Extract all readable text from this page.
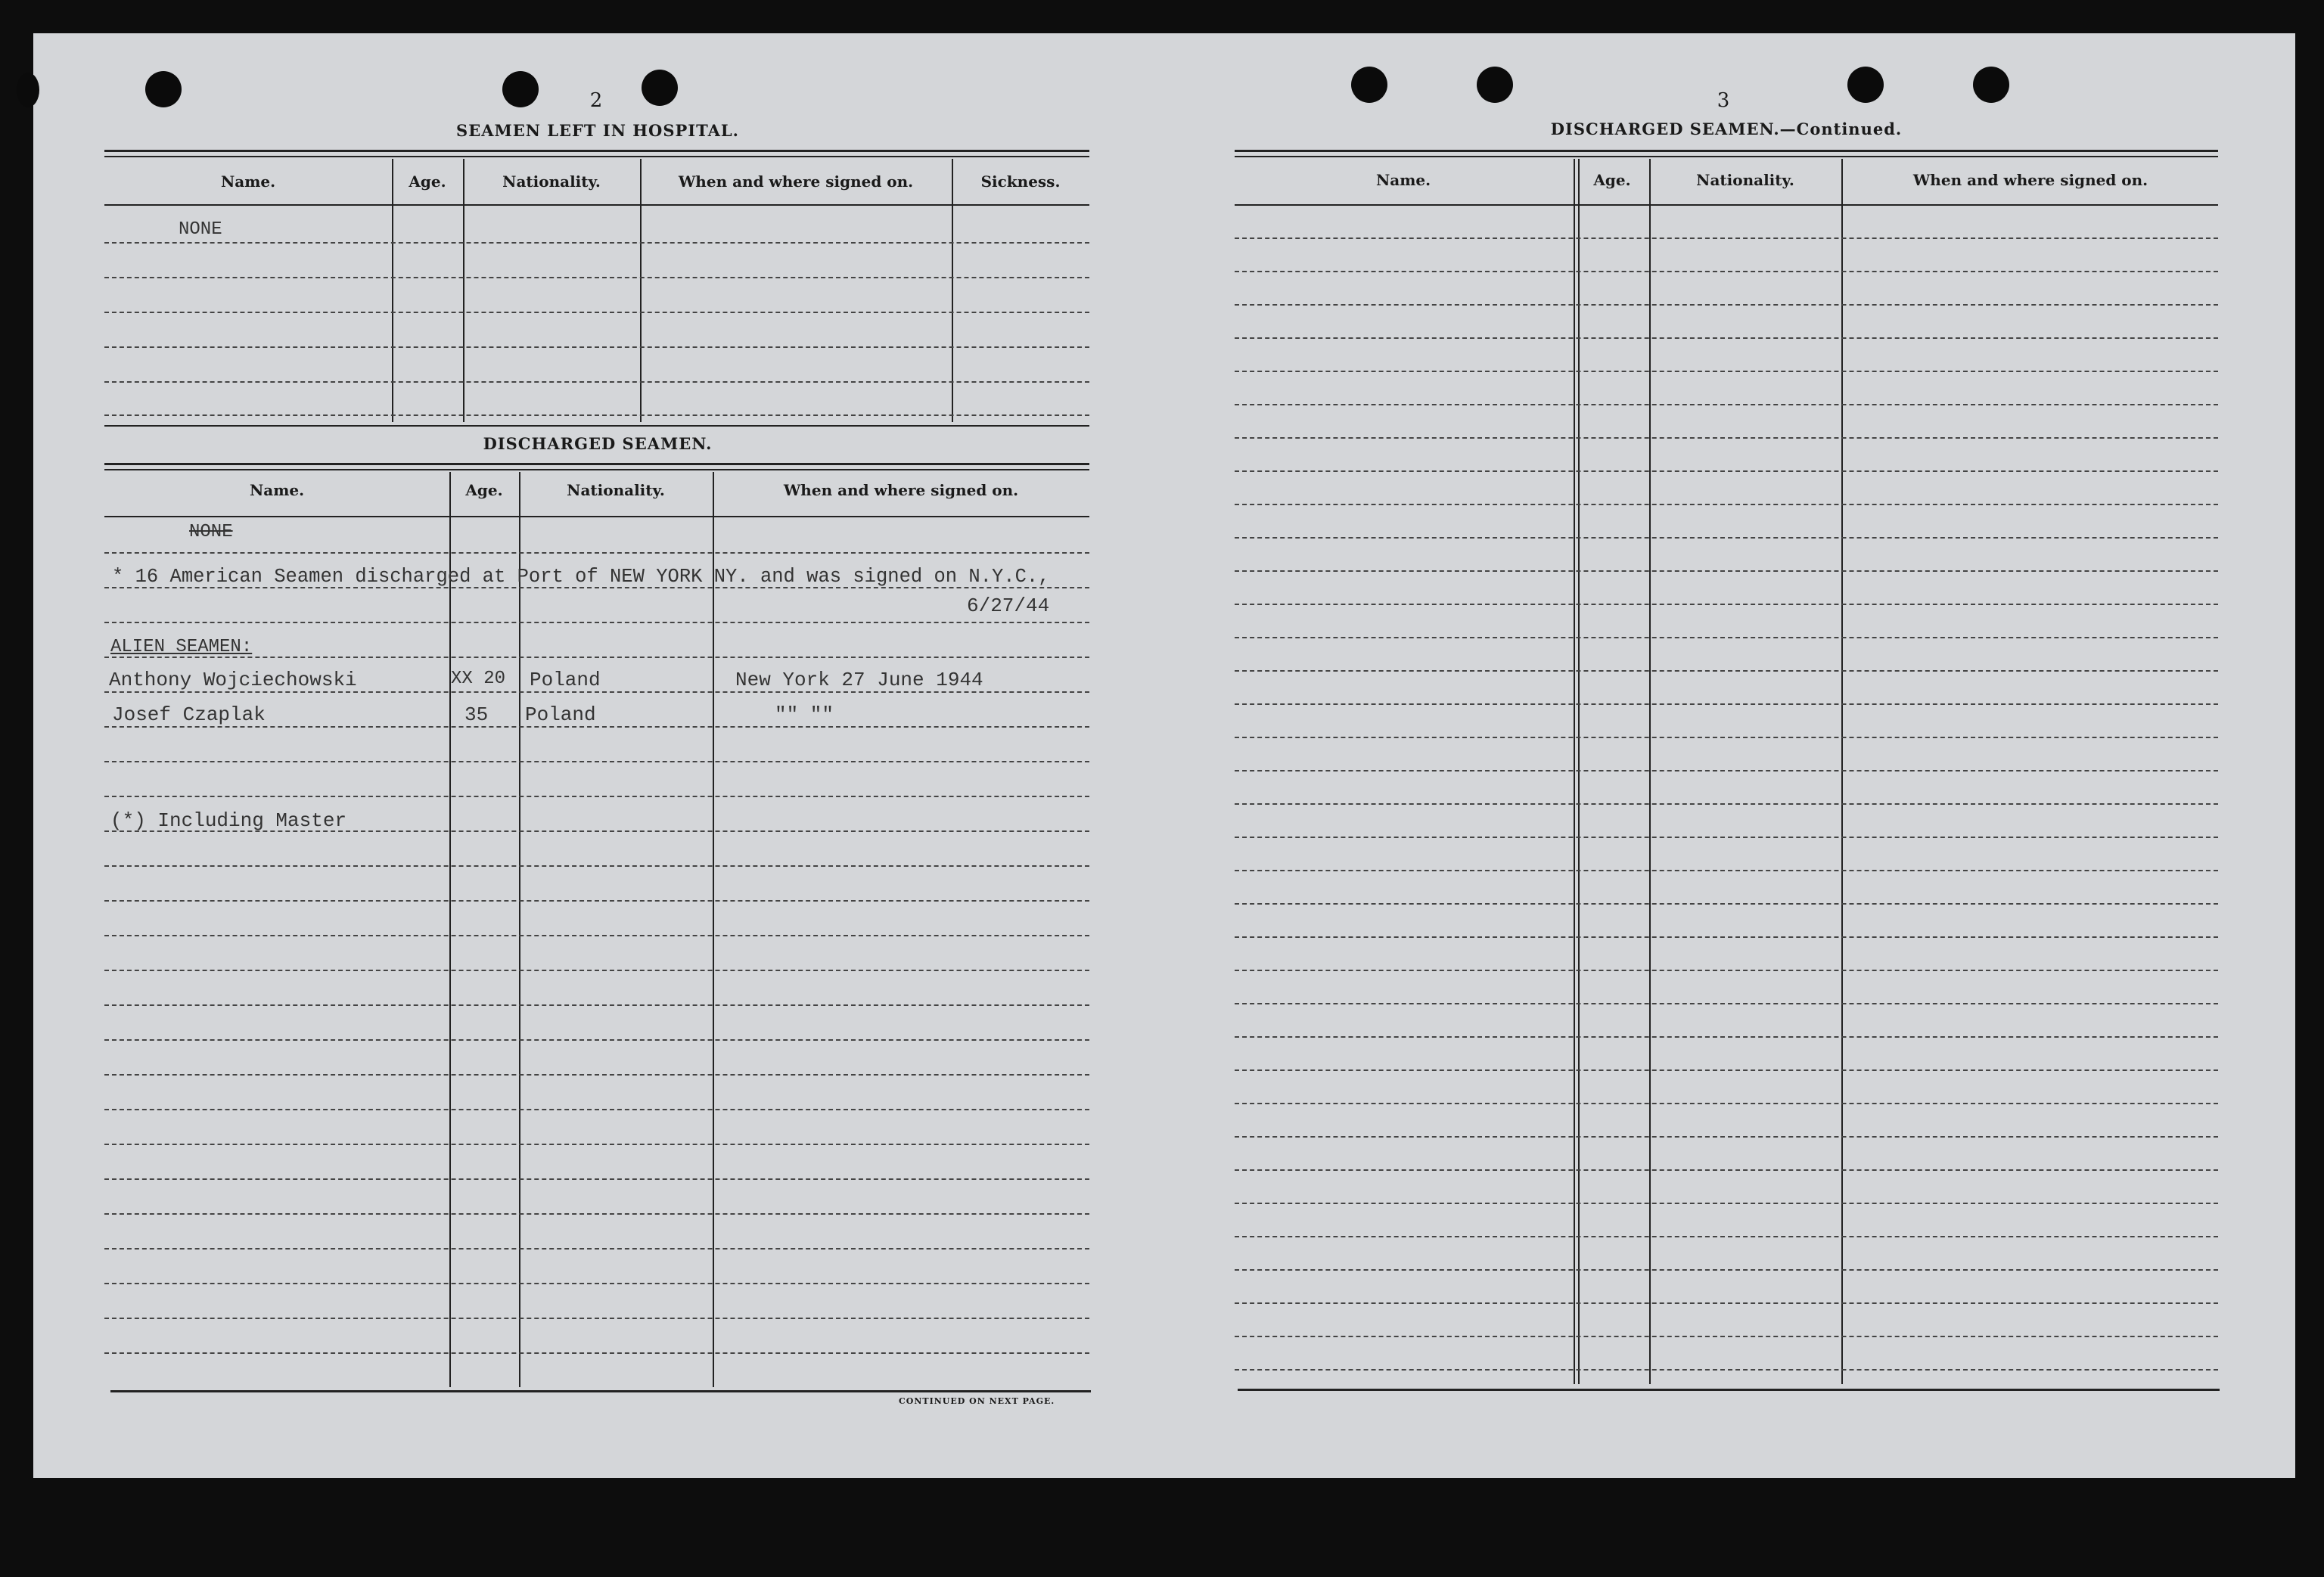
2
SEAMEN LEFT IN HOSPITAL.
Name.	Age.	Nationality.	When and where signed on.	Sickness.
NONE
DISCHARGED SEAMEN.
Name.	Age.	Nationality.	When and where signed on.
NONE
* 16 American Seamen discharged at Port of NEW YORK NY. and was signed on N.Y.C.,
6/27/44
ALIEN SEAMEN:
Anthony Wojciechowski	XX 20 Poland	New York 27 June 1944
Josef Czaplak	35 Poland	"" ""
(*) Including Master
CONTINUED ON NEXT PAGE.
3
DISCHARGED SEAMEN.—Continued.
Name.	Age.	Nationality.	When and where signed on.
